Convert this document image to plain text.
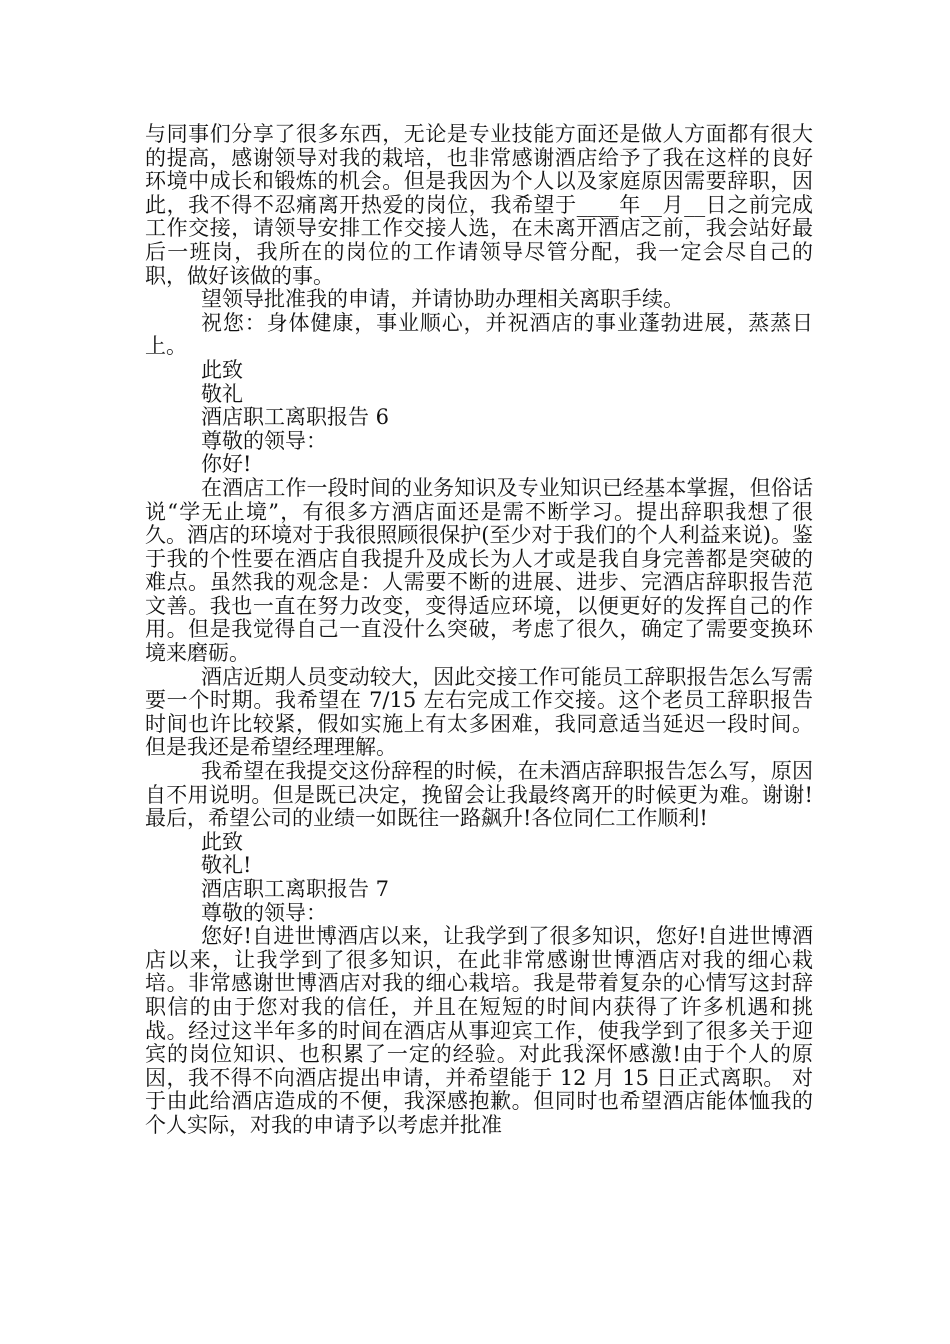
与同事们分享了很多东西，无论是专业技能方面还是做人方面都有很大的提高，感谢领导对我的栽培，也非常感谢酒店给予了我在这样的良好环境中成长和锻炼的机会。但是我因为个人以及家庭原因需要辞职，因此，我不得不忍痛离开热爱的岗位，我希望于____年__月__日之前完成工作交接，请领导安排工作交接人选，在未离开酒店之前，我会站好最后一班岗，我所在的岗位的工作请领导尽管分配，我一定会尽自己的职，做好该做的事。

望领导批准我的申请，并请协助办理相关离职手续。

祝您：身体健康，事业顺心，并祝酒店的事业蓬勃进展，蒸蒸日上。

此致

敬礼

酒店职工离职报告 6

尊敬的领导：

你好!

在酒店工作一段时间的业务知识及专业知识已经基本掌握，但俗话说“学无止境”，有很多方酒店面还是需不断学习。提出辞职我想了很久。酒店的环境对于我很照顾很保护(至少对于我们的个人利益来说)。鉴于我的个性要在酒店自我提升及成长为人才或是我自身完善都是突破的难点。虽然我的观念是：人需要不断的进展、进步、完酒店辞职报告范文善。我也一直在努力改变，变得适应环境，以便更好的发挥自己的作用。但是我觉得自己一直没什么突破，考虑了很久，确定了需要变换环境来磨砺。

酒店近期人员变动较大，因此交接工作可能员工辞职报告怎么写需要一个时期。我希望在 7/15 左右完成工作交接。这个老员工辞职报告时间也许比较紧，假如实施上有太多困难，我同意适当延迟一段时间。但是我还是希望经理理解。

我希望在我提交这份辞程的时候，在未酒店辞职报告怎么写，原因自不用说明。但是既已决定，挽留会让我最终离开的时候更为难。谢谢!最后，希望公司的业绩一如既往一路飙升!各位同仁工作顺利!

此致

敬礼!

酒店职工离职报告 7

尊敬的领导：

您好!自进世博酒店以来，让我学到了很多知识，您好!自进世博酒店以来，让我学到了很多知识，在此非常感谢世博酒店对我的细心栽培。非常感谢世博酒店对我的细心栽培。我是带着复杂的心情写这封辞职信的由于您对我的信任，并且在短短的时间内获得了许多机遇和挑战。经过这半年多的时间在酒店从事迎宾工作，使我学到了很多关于迎宾的岗位知识、也积累了一定的经验。对此我深怀感激!由于个人的原因，我不得不向酒店提出申请，并希望能于 12 月 15 日正式离职。 对于由此给酒店造成的不便，我深感抱歉。但同时也希望酒店能体恤我的个人实际，对我的申请予以考虑并批准
